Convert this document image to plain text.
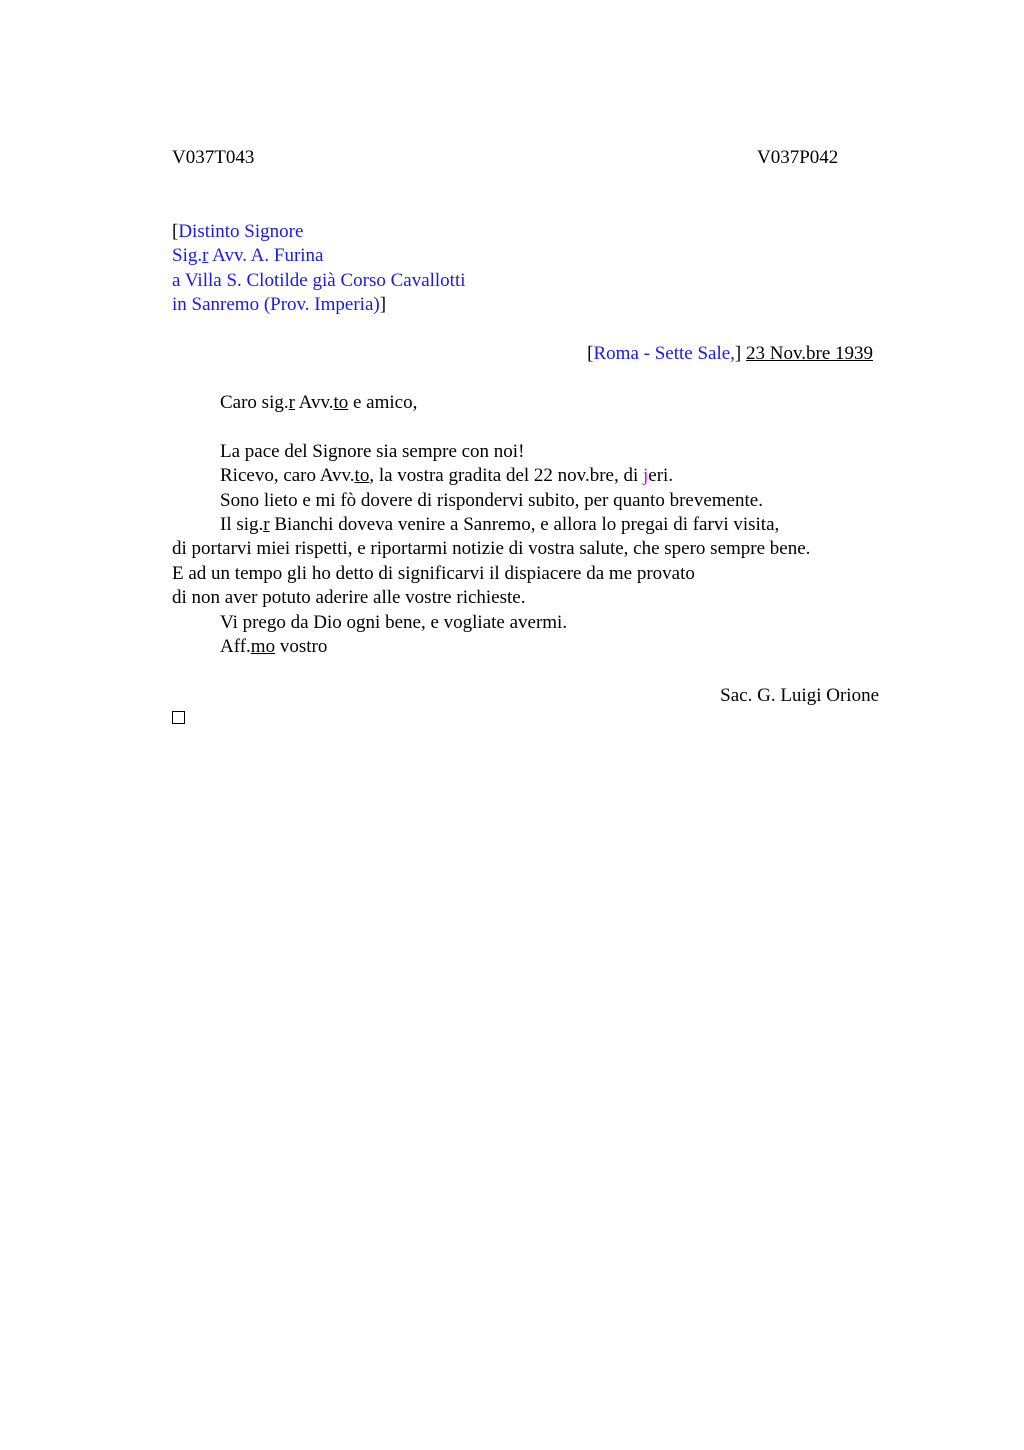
V037T043	V037P042
[Distinto Signore
Sig.r Avv. A. Furina
a Villa S. Clotilde già Corso Cavallotti
in Sanremo (Prov. Imperia)]
[Roma - Sette Sale,] 23 Nov.bre 1939
Caro sig.r Avv.to e amico,
La pace del Signore sia sempre con noi!
Ricevo, caro Avv.to, la vostra gradita del 22 nov.bre, di jeri.
Sono lieto e mi fò dovere di rispondervi subito, per quanto brevemente.
Il sig.r Bianchi doveva venire a Sanremo, e allora lo pregai di farvi visita,
di portarvi miei rispetti, e riportarmi notizie di vostra salute, che spero sempre bene.
E ad un tempo gli ho detto di significarvi il dispiacere da me provato
di non aver potuto aderire alle vostre richieste.
Vi prego da Dio ogni bene, e vogliate avermi.
Aff.mo vostro
Sac. G. Luigi Orione
